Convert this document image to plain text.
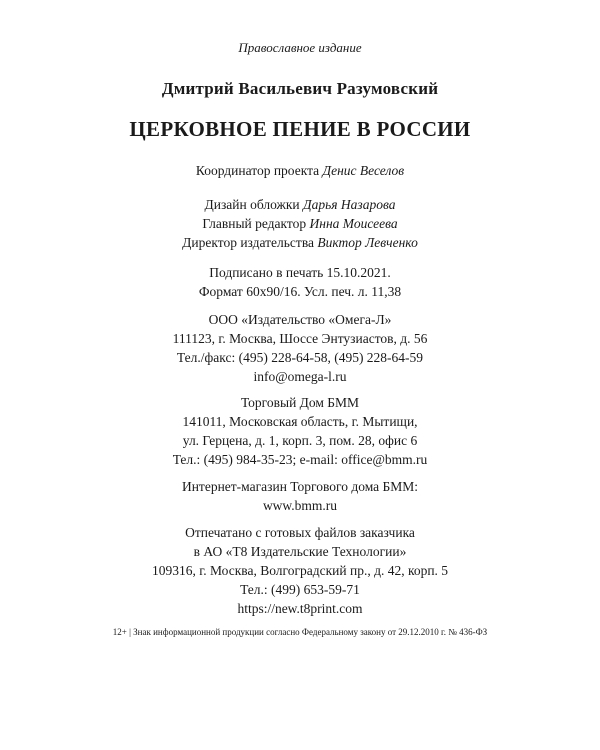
Православное издание
Дмитрий Васильевич Разумовский
ЦЕРКОВНОЕ ПЕНИЕ В РОССИИ
Координатор проекта Денис Веселов
Дизайн обложки Дарья Назарова
Главный редактор Инна Моисеева
Директор издательства Виктор Левченко
Подписано в печать 15.10.2021.
Формат 60x90/16. Усл. печ. л. 11,38
ООО «Издательство «Омега-Л»
111123, г. Москва, Шоссе Энтузиастов, д. 56
Тел./факс: (495) 228-64-58, (495) 228-64-59
info@omega-l.ru
Торговый Дом БММ
141011, Московская область, г. Мытищи,
ул. Герцена, д. 1, корп. 3, пом. 28, офис 6
Тел.: (495) 984-35-23; e-mail: office@bmm.ru
Интернет-магазин Торгового дома БММ:
www.bmm.ru
Отпечатано с готовых файлов заказчика
в АО «Т8 Издательские Технологии»
109316, г. Москва, Волгоградский пр., д. 42, корп. 5
Тел.: (499) 653-59-71
https://new.t8print.com
12+ | Знак информационной продукции согласно Федеральному закону от 29.12.2010 г. № 436-ФЗ
